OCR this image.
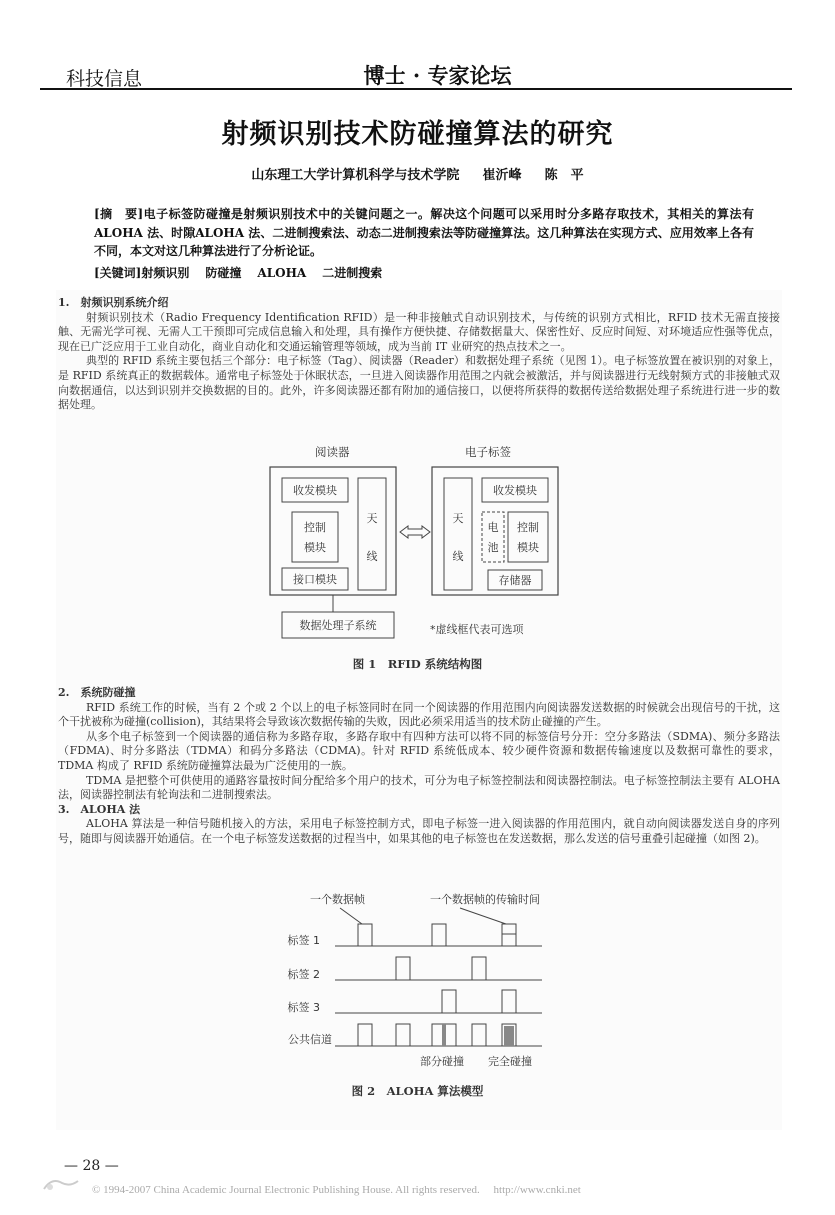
科技信息	博士 · 专家论坛
射频识别技术防碰撞算法的研究
山东理工大学计算机科学与技术学院 崔沂峰 陈　平
[摘　要]电子标签防碰撞是射频识别技术中的关键问题之一。解决这个问题可以采用时分多路存取技术，其相关的算法有ALOHA 法、时隙ALOHA 法、二进制搜索法、动态二进制搜索法等防碰撞算法。这几种算法在实现方式、应用效率上各有不同，本文对这几种算法进行了分析论证。
[关键词]射频识别 防碰撞 ALOHA 二进制搜索

1.　射频识别系统介绍

射频识别技术（Radio Frequency Identification RFID）是一种非接触式自动识别技术，与传统的识别方式相比，RFID 技术无需直接接触、无需光学可视、无需人工干预即可完成信息输入和处理，具有操作方便快捷、存储数据量大、保密性好、反应时间短、对环境适应性强等优点，现在已广泛应用于工业自动化，商业自动化和交通运输管理等领域，成为当前 IT 业研究的热点技术之一。

典型的 RFID 系统主要包括三个部分：电子标签（Tag）、阅读器（Reader）和数据处理子系统（见图 1）。电子标签放置在被识别的对象上，是 RFID 系统真正的数据载体。通常电子标签处于休眠状态，一旦进入阅读器作用范围之内就会被激活，并与阅读器进行无线射频方式的非接触式双向数据通信，以达到识别并交换数据的目的。此外，许多阅读器还都有附加的通信接口，以便将所获得的数据传送给数据处理子系统进行进一步的数据处理。

阅读器	电子标签
收发模块
控制
模块
接口模块
天
线
天
线
收发模块
电
池
控制
模块
存储器
数据处理子系统	*虚线框代表可选项
图 1　RFID 系统结构图

2.　系统防碰撞

RFID 系统工作的时候，当有 2 个或 2 个以上的电子标签同时在同一个阅读器的作用范围内向阅读器发送数据的时候就会出现信号的干扰，这个干扰被称为碰撞(collision)，其结果将会导致该次数据传输的失败，因此必须采用适当的技术防止碰撞的产生。

从多个电子标签到一个阅读器的通信称为多路存取，多路存取中有四种方法可以将不同的标签信号分开：空分多路法（SDMA)、频分多路法（FDMA)、时分多路法（TDMA）和码分多路法（CDMA)。针对 RFID 系统低成本、较少硬件资源和数据传输速度以及数据可靠性的要求，TDMA 构成了 RFID 系统防碰撞算法最为广泛使用的一族。

TDMA 是把整个可供使用的通路容量按时间分配给多个用户的技术，可分为电子标签控制法和阅读器控制法。电子标签控制法主要有 ALOHA 法，阅读器控制法有轮询法和二进制搜索法。

3.　ALOHA 法

ALOHA 算法是一种信号随机接入的方法，采用电子标签控制方式，即电子标签一进入阅读器的作用范围内，就自动向阅读器发送自身的序列号，随即与阅读器开始通信。在一个电子标签发送数据的过程当中，如果其他的电子标签也在发送数据，那么发送的信号重叠引起碰撞（如图 2)。

一个数据帧	一个数据帧的传输时间
标签 1
标签 2
标签 3
公共信道
部分碰撞 完全碰撞
图 2　ALOHA 算法模型
— 28 —
© 1994-2007 China Academic Journal Electronic Publishing House. All rights reserved.　 http://www.cnki.net
